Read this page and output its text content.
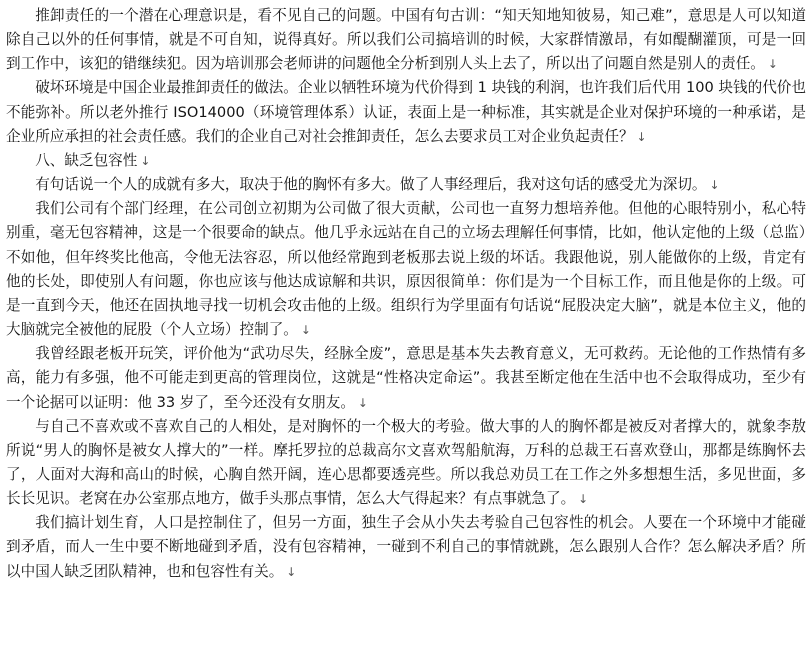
推卸责任的一个潜在心理意识是，看不见自己的问题。中国有句古训：“知天知地知彼易，知己难”，意思是人可以知道除自己以外的任何事情，就是不可自知，说得真好。所以我们公司搞培训的时候，大家群情激昂，有如醍醐灌顶，可是一回到工作中，该犯的错继续犯。因为培训那会老师讲的问题他全分析到别人头上去了，所以出了问题自然是别人的责任。 ↓

破坏环境是中国企业最推卸责任的做法。企业以牺牲环境为代价得到 1 块钱的利润，也许我们后代用 100 块钱的代价也不能弥补。所以老外推行 ISO14000（环境管理体系）认证，表面上是一种标准，其实就是企业对保护环境的一种承诺，是企业所应承担的社会责任感。我们的企业自己对社会推卸责任，怎么去要求员工对企业负起责任？ ↓

八、缺乏包容性 ↓

有句话说一个人的成就有多大，取决于他的胸怀有多大。做了人事经理后，我对这句话的感受尤为深切。 ↓

我们公司有个部门经理，在公司创立初期为公司做了很大贡献，公司也一直努力想培养他。但他的心眼特别小，私心特别重，毫无包容精神，这是一个很要命的缺点。他几乎永远站在自己的立场去理解任何事情，比如，他认定他的上级（总监）不如他，但年终奖比他高，令他无法容忍，所以他经常跑到老板那去说上级的坏话。我跟他说，别人能做你的上级，肯定有他的长处，即使别人有问题，你也应该与他达成谅解和共识，原因很简单：你们是为一个目标工作，而且他是你的上级。可是一直到今天，他还在固执地寻找一切机会攻击他的上级。组织行为学里面有句话说“屁股决定大脑”，就是本位主义，他的大脑就完全被他的屁股（个人立场）控制了。 ↓

我曾经跟老板开玩笑，评价他为“武功尽失，经脉全废”，意思是基本失去教育意义，无可救药。无论他的工作热情有多高，能力有多强，他不可能走到更高的管理岗位，这就是“性格决定命运”。我甚至断定他在生活中也不会取得成功，至少有一个论据可以证明：他 33 岁了，至今还没有女朋友。 ↓

与自己不喜欢或不喜欢自己的人相处，是对胸怀的一个极大的考验。做大事的人的胸怀都是被反对者撑大的，就象李敖所说“男人的胸怀是被女人撑大的”一样。摩托罗拉的总裁高尔文喜欢驾船航海，万科的总裁王石喜欢登山，那都是练胸怀去了，人面对大海和高山的时候，心胸自然开阔，连心思都要透亮些。所以我总劝员工在工作之外多想想生活，多见世面，多长长见识。老窝在办公室那点地方，做手头那点事情，怎么大气得起来？有点事就急了。 ↓

我们搞计划生育，人口是控制住了，但另一方面，独生子会从小失去考验自己包容性的机会。人要在一个环境中才能碰到矛盾，而人一生中要不断地碰到矛盾，没有包容精神，一碰到不利自己的事情就跳，怎么跟别人合作？怎么解决矛盾？所以中国人缺乏团队精神，也和包容性有关。 ↓
